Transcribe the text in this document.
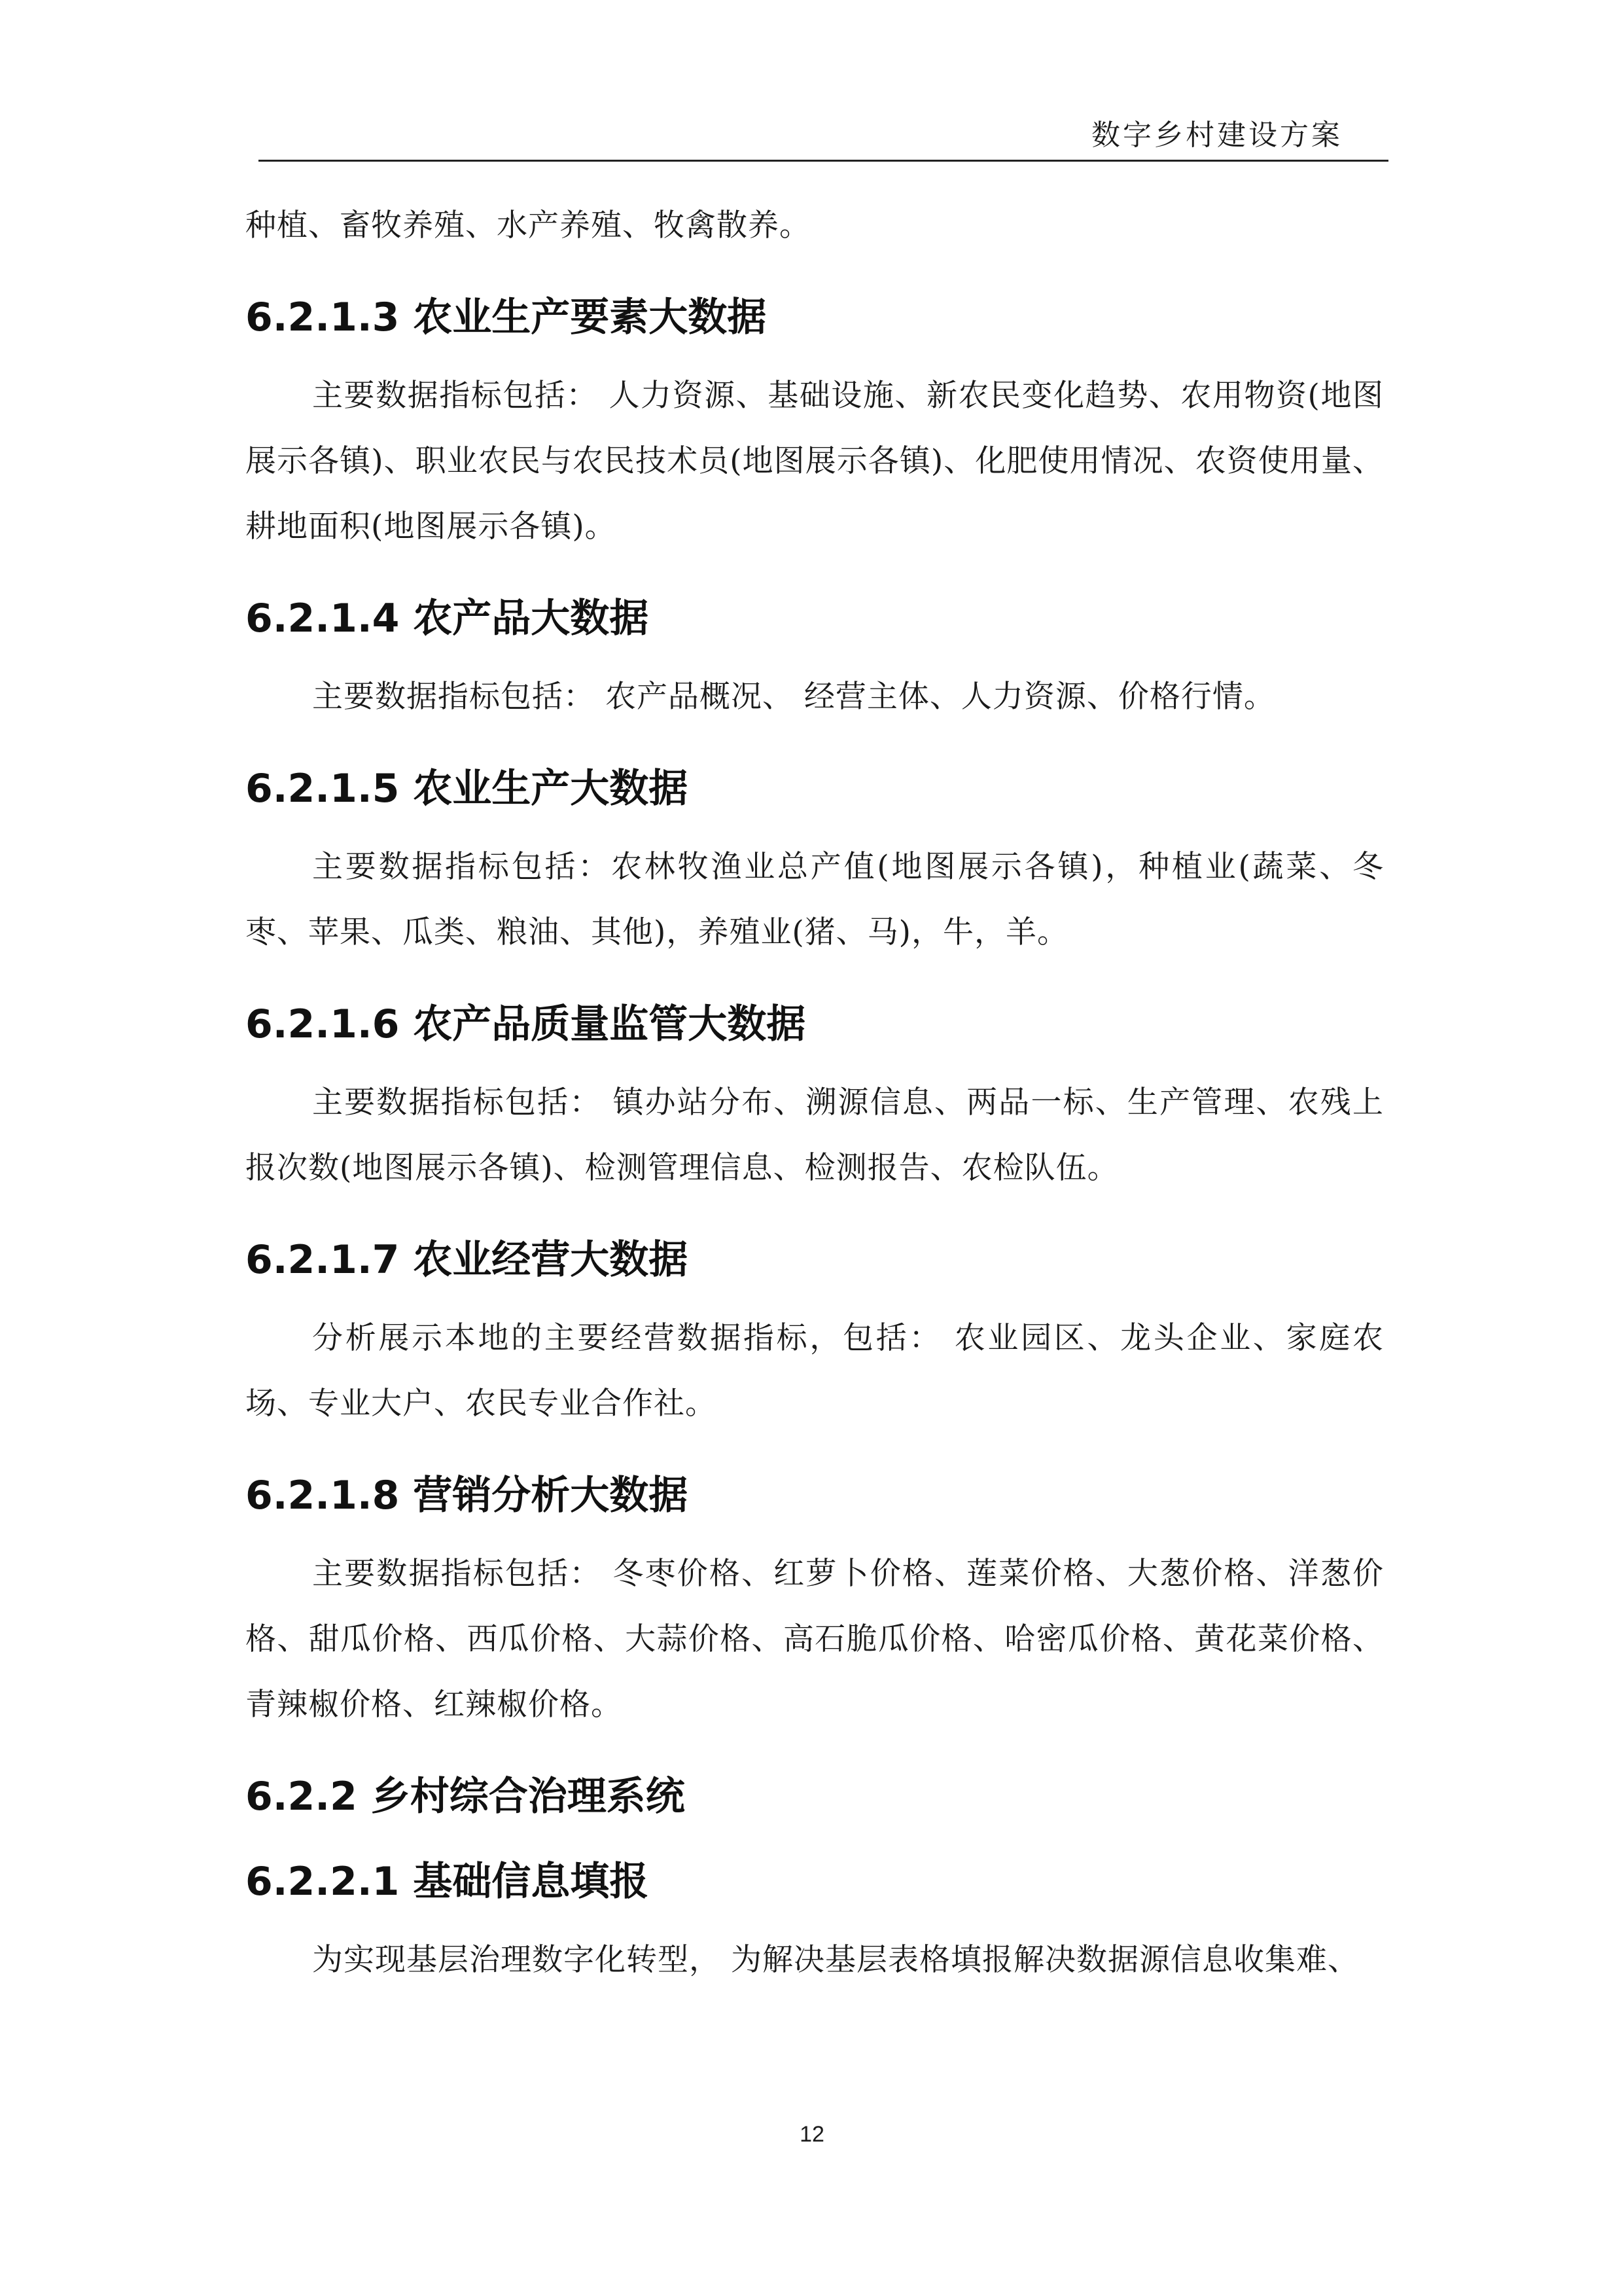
数字乡村建设方案

种植、畜牧养殖、水产养殖、牧禽散养。

6.2.1.3 农业生产要素大数据

主要数据指标包括： 人力资源、基础设施、新农民变化趋势、农用物资(地图展示各镇)、职业农民与农民技术员(地图展示各镇)、化肥使用情况、农资使用量、耕地面积(地图展示各镇)。

6.2.1.4 农产品大数据

主要数据指标包括： 农产品概况、 经营主体、人力资源、价格行情。

6.2.1.5 农业生产大数据

主要数据指标包括：农林牧渔业总产值(地图展示各镇)，种植业(蔬菜、冬枣、苹果、瓜类、粮油、其他)，养殖业(猪、马)，牛，羊。

6.2.1.6 农产品质量监管大数据

主要数据指标包括： 镇办站分布、溯源信息、两品一标、生产管理、农残上报次数(地图展示各镇)、检测管理信息、检测报告、农检队伍。

6.2.1.7 农业经营大数据

分析展示本地的主要经营数据指标，包括： 农业园区、龙头企业、家庭农场、专业大户、农民专业合作社。

6.2.1.8 营销分析大数据

主要数据指标包括： 冬枣价格、红萝卜价格、莲菜价格、大葱价格、洋葱价格、甜瓜价格、西瓜价格、大蒜价格、高石脆瓜价格、哈密瓜价格、黄花菜价格、青辣椒价格、红辣椒价格。

6.2.2 乡村综合治理系统
6.2.2.1 基础信息填报

为实现基层治理数字化转型， 为解决基层表格填报解决数据源信息收集难、

12
